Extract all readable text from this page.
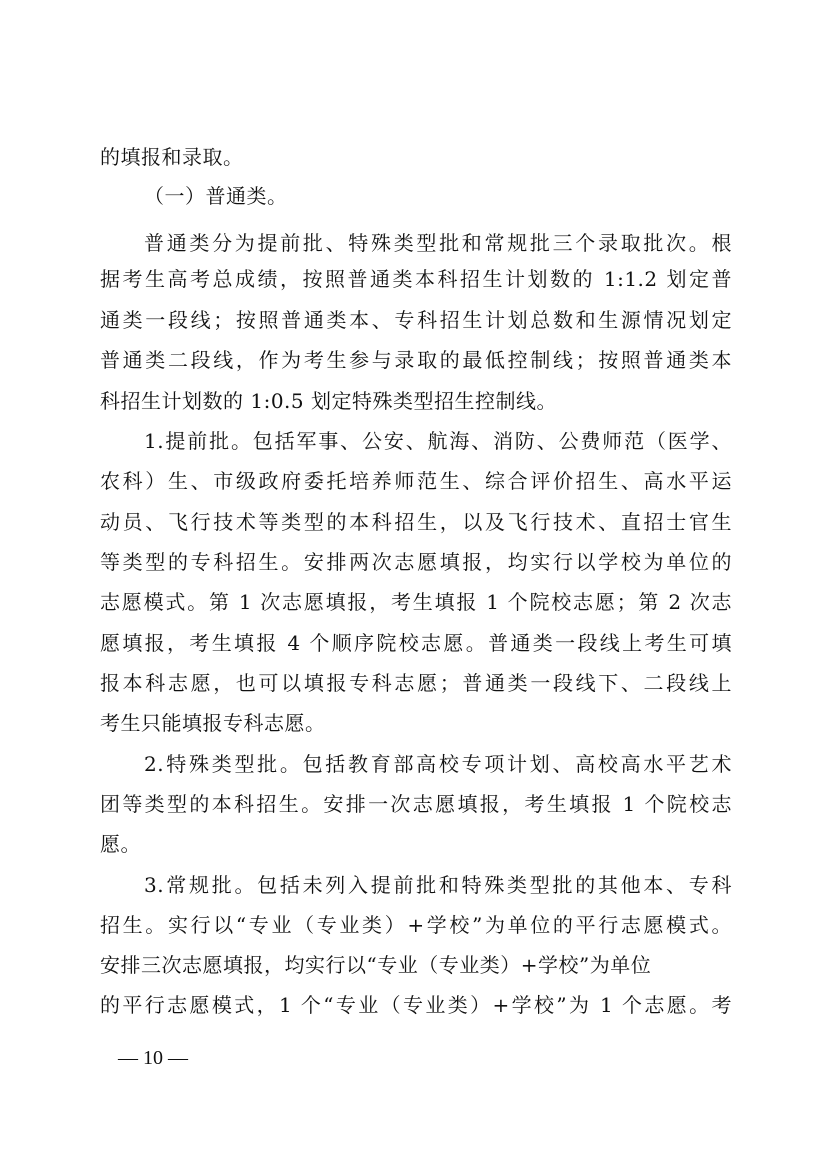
的填报和录取。
（一）普通类。
普通类分为提前批、特殊类型批和常规批三个录取批次。根
据考生高考总成绩，按照普通类本科招生计划数的 1:1.2 划定普
通类一段线；按照普通类本、专科招生计划总数和生源情况划定
普通类二段线，作为考生参与录取的最低控制线；按照普通类本
科招生计划数的 1:0.5 划定特殊类型招生控制线。
1.提前批。包括军事、公安、航海、消防、公费师范（医学、
农科）生、市级政府委托培养师范生、综合评价招生、高水平运
动员、飞行技术等类型的本科招生，以及飞行技术、直招士官生
等类型的专科招生。安排两次志愿填报，均实行以学校为单位的
志愿模式。第 1 次志愿填报，考生填报 1 个院校志愿；第 2 次志
愿填报，考生填报 4 个顺序院校志愿。普通类一段线上考生可填
报本科志愿，也可以填报专科志愿；普通类一段线下、二段线上
考生只能填报专科志愿。
2.特殊类型批。包括教育部高校专项计划、高校高水平艺术
团等类型的本科招生。安排一次志愿填报，考生填报 1 个院校志
愿。
3.常规批。包括未列入提前批和特殊类型批的其他本、专科
招生。实行以“专业（专业类）+学校”为单位的平行志愿模式。
安排三次志愿填报，均实行以“专业（专业类）+学校”为单位
的平行志愿模式，1 个“专业（专业类）+学校”为 1 个志愿。考
— 10 —
